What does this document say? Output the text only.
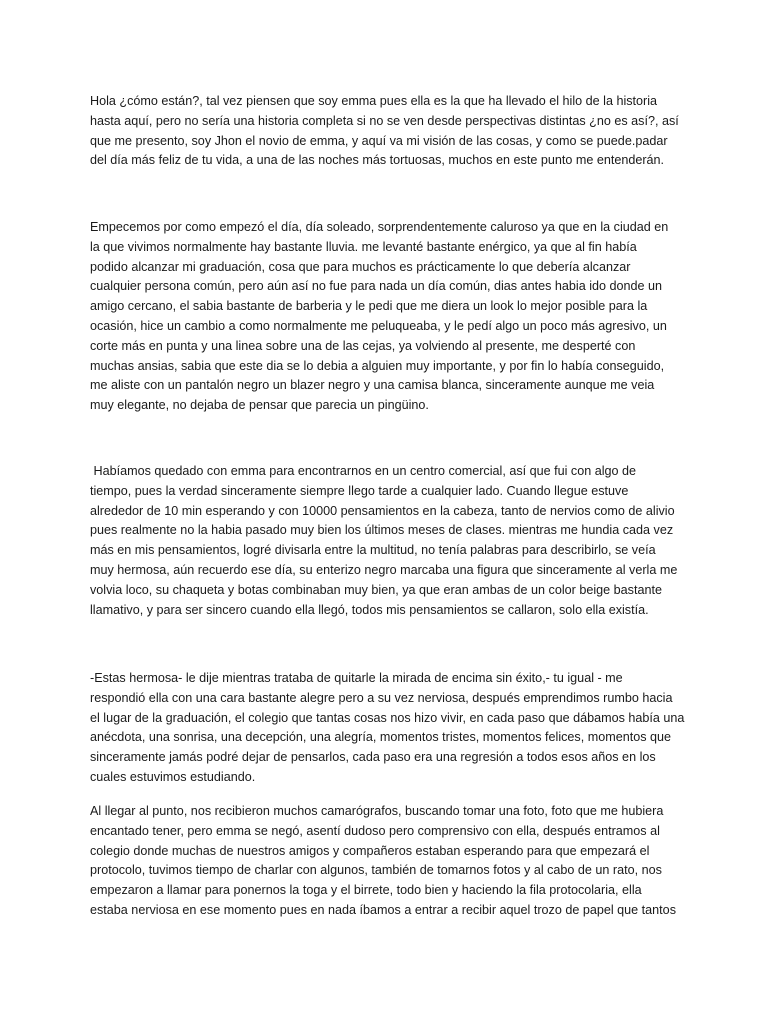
Hola ¿cómo están?, tal vez piensen que soy emma pues ella es la que ha llevado el hilo de la historia
hasta aquí, pero no sería una historia completa si no se ven desde perspectivas distintas ¿no es así?, así
que me presento, soy Jhon el novio de emma, y aquí va mi visión de las cosas, y como se puede.padar
del día más feliz de tu vida, a una de las noches más tortuosas, muchos en este punto me entenderán.
Empecemos por como empezó el día, día soleado, sorprendentemente caluroso ya que en la ciudad en
la que vivimos normalmente hay bastante lluvia. me levanté bastante enérgico, ya que al fin había
podido alcanzar mi graduación, cosa que para muchos es prácticamente lo que debería alcanzar
cualquier persona común, pero aún así no fue para nada un día común, dias antes habia ido donde un
amigo cercano, el sabia bastante de barberia y le pedi que me diera un look lo mejor posible para la
ocasión, hice un cambio a como normalmente me peluqueaba, y le pedí algo un poco más agresivo, un
corte más en punta y una linea sobre una de las cejas, ya volviendo al presente, me desperté con
muchas ansias, sabia que este dia se lo debia a alguien muy importante, y por fin lo había conseguido,
me aliste con un pantalón negro un blazer negro y una camisa blanca, sinceramente aunque me veia
muy elegante, no dejaba de pensar que parecia un pingüino.
Habíamos quedado con emma para encontrarnos en un centro comercial, así que fui con algo de
tiempo, pues la verdad sinceramente siempre llego tarde a cualquier lado. Cuando llegue estuve
alrededor de 10 min esperando y con 10000 pensamientos en la cabeza, tanto de nervios como de alivio
pues realmente no la habia pasado muy bien los últimos meses de clases. mientras me hundia cada vez
más en mis pensamientos, logré divisarla entre la multitud, no tenía palabras para describirlo, se veía
muy hermosa, aún recuerdo ese día, su enterizo negro marcaba una figura que sinceramente al verla me
volvia loco, su chaqueta y botas combinaban muy bien, ya que eran ambas de un color beige bastante
llamativo, y para ser sincero cuando ella llegó, todos mis pensamientos se callaron, solo ella existía.
-Estas hermosa- le dije mientras trataba de quitarle la mirada de encima sin éxito,- tu igual - me
respondió ella con una cara bastante alegre pero a su vez nerviosa, después emprendimos rumbo hacia
el lugar de la graduación, el colegio que tantas cosas nos hizo vivir, en cada paso que dábamos había una
anécdota, una sonrisa, una decepción, una alegría, momentos tristes, momentos felices, momentos que
sinceramente jamás podré dejar de pensarlos, cada paso era una regresión a todos esos años en los
cuales estuvimos estudiando.
Al llegar al punto, nos recibieron muchos camarógrafos, buscando tomar una foto, foto que me hubiera
encantado tener, pero emma se negó, asentí dudoso pero comprensivo con ella, después entramos al
colegio donde muchas de nuestros amigos y compañeros estaban esperando para que empezará el
protocolo, tuvimos tiempo de charlar con algunos, también de tomarnos fotos y al cabo de un rato, nos
empezaron a llamar para ponernos la toga y el birrete, todo bien y haciendo la fila protocolaria, ella
estaba nerviosa en ese momento pues en nada íbamos a entrar a recibir aquel trozo de papel que tantos
